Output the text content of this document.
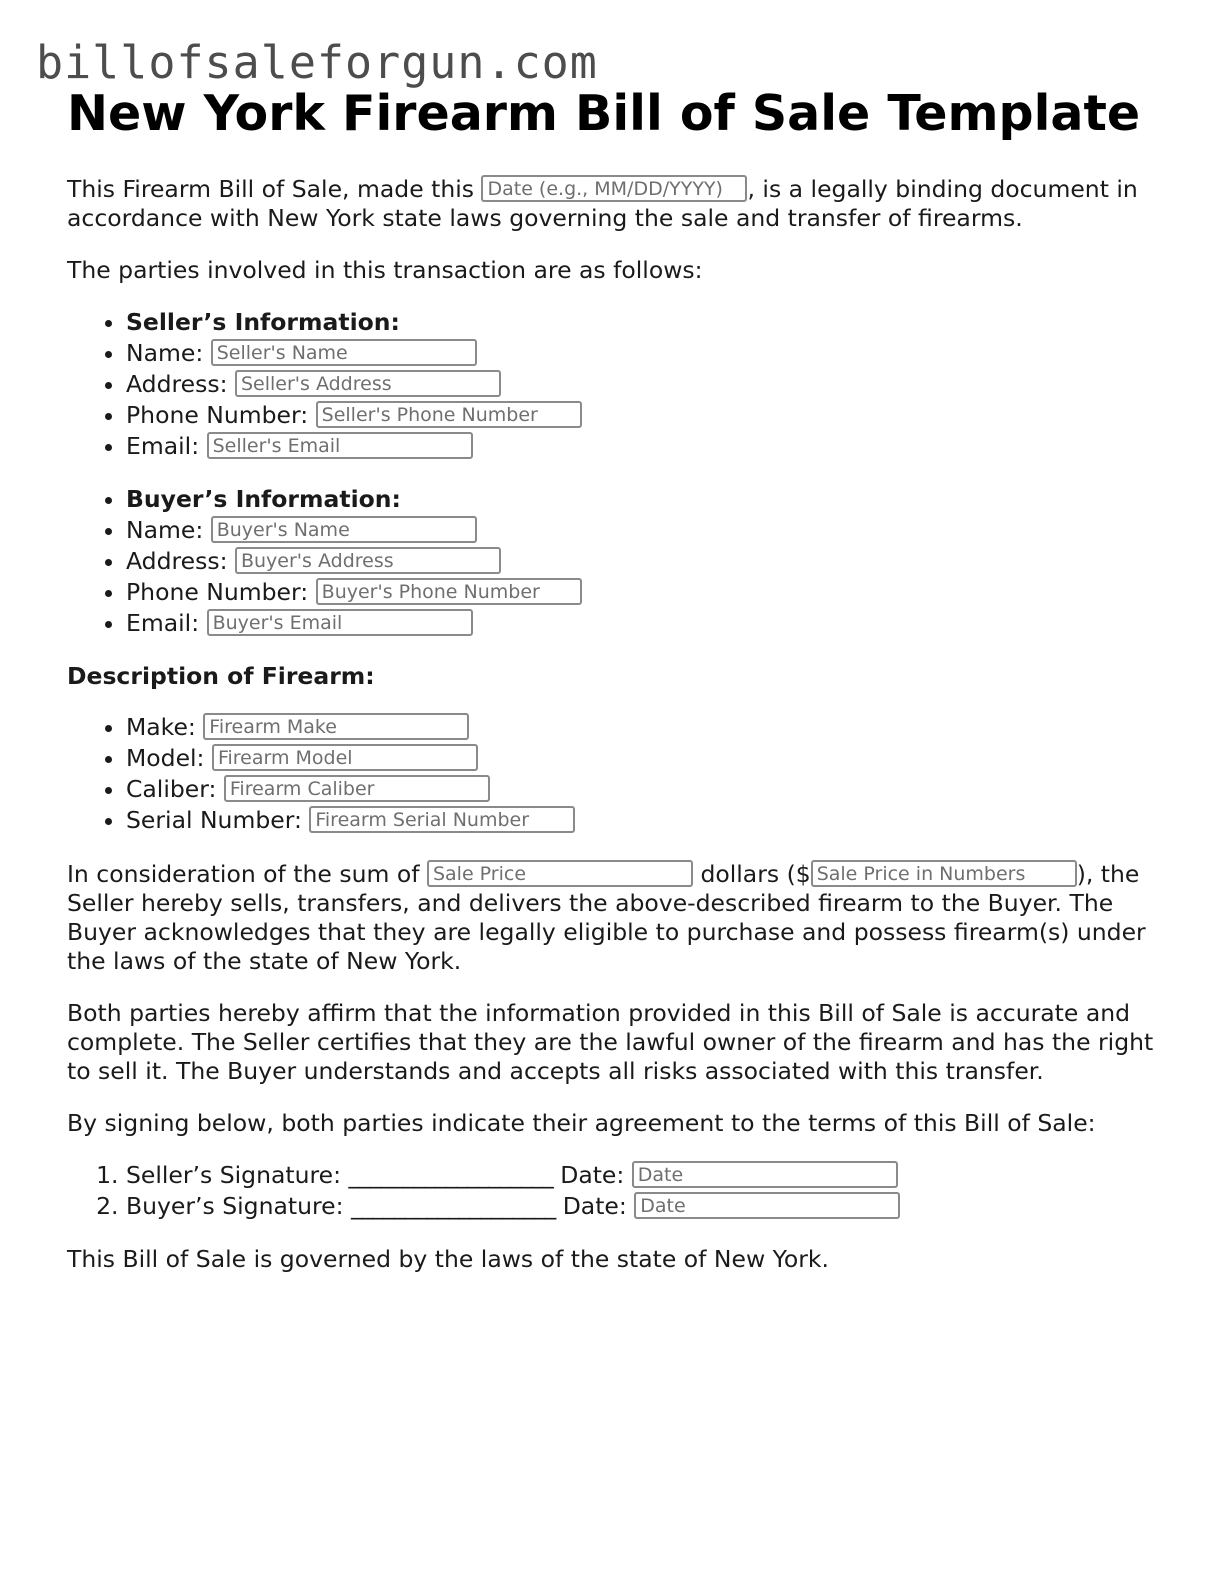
billofsaleforgun.com
New York Firearm Bill of Sale Template

This Firearm Bill of Sale, made this Date (e.g., MM/DD/YYYY)	, is a legally binding document in accordance with New York state laws governing the sale and transfer of firearms.

The parties involved in this transaction are as follows:

• Seller’s Information:
• Name: Seller's Name
• Address: Seller's Address
• Phone Number: Seller's Phone Number
• Email: Seller's Email
• Buyer’s Information:
• Name: Buyer's Name
• Address: Buyer's Address
• Phone Number: Buyer's Phone Number
• Email: Buyer's Email
Description of Firearm:
• Make: Firearm Make
• Model: Firearm Model
• Caliber: Firearm Caliber
• Serial Number: Firearm Serial Number

In consideration of the sum of Sale Price	dollars ($Sale Price in Numbers	), the Seller hereby sells, transfers, and delivers the above-described firearm to the Buyer. The Buyer acknowledges that they are legally eligible to purchase and possess firearm(s) under the laws of the state of New York.

Both parties hereby affirm that the information provided in this Bill of Sale is accurate and complete. The Seller certifies that they are the lawful owner of the firearm and has the right to sell it. The Buyer understands and accepts all risks associated with this transfer.

By signing below, both parties indicate their agreement to the terms of this Bill of Sale:

1. Seller’s Signature: ___________________ Date: Date
2. Buyer’s Signature: ___________________ Date: Date

This Bill of Sale is governed by the laws of the state of New York.
